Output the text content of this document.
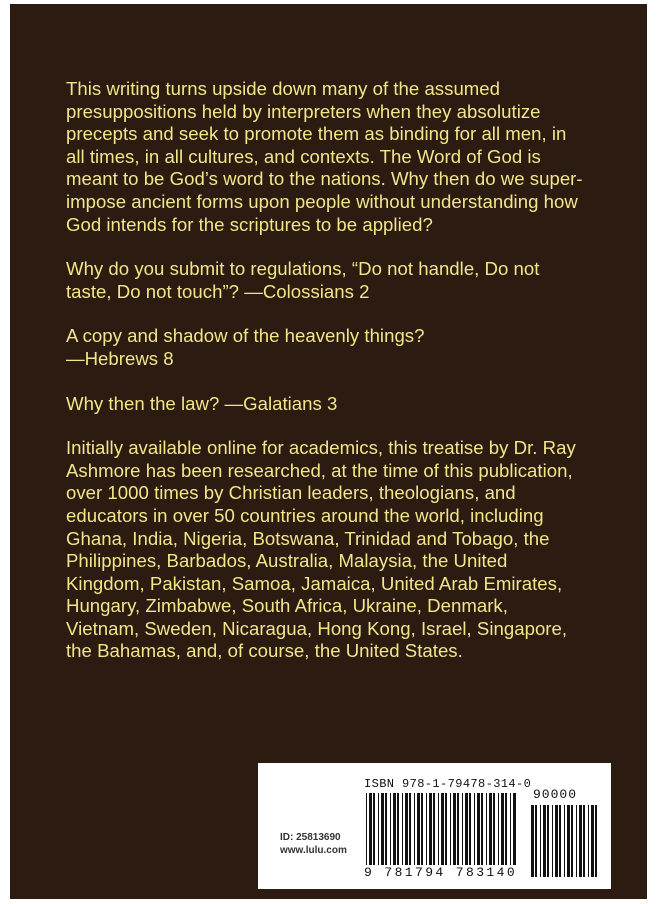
This writing turns upside down many of the assumed presuppositions held by interpreters when they absolutize precepts and seek to promote them as binding for all men, in all times, in all cultures, and contexts. The Word of God is meant to be God’s word to the nations. Why then do we super-impose ancient forms upon people without understanding how God intends for the scriptures to be applied?

Why do you submit to regulations, “Do not handle, Do not taste, Do not touch”? —Colossians 2

A copy and shadow of the heavenly things?
—Hebrews 8

Why then the law? —Galatians 3

Initially available online for academics, this treatise by Dr. Ray Ashmore has been researched, at the time of this publication, over 1000 times by Christian leaders, theologians, and educators in over 50 countries around the world, including Ghana, India, Nigeria, Botswana, Trinidad and Tobago, the Philippines, Barbados, Australia, Malaysia, the United Kingdom, Pakistan, Samoa, Jamaica, United Arab Emirates, Hungary, Zimbabwe, South Africa, Ukraine, Denmark, Vietnam, Sweden, Nicaragua, Hong Kong, Israel, Singapore, the Bahamas, and, of course, the United States.

ID: 25813690
www.lulu.com
ISBN 978-1-79478-314-0
90000
9 781794 783140
